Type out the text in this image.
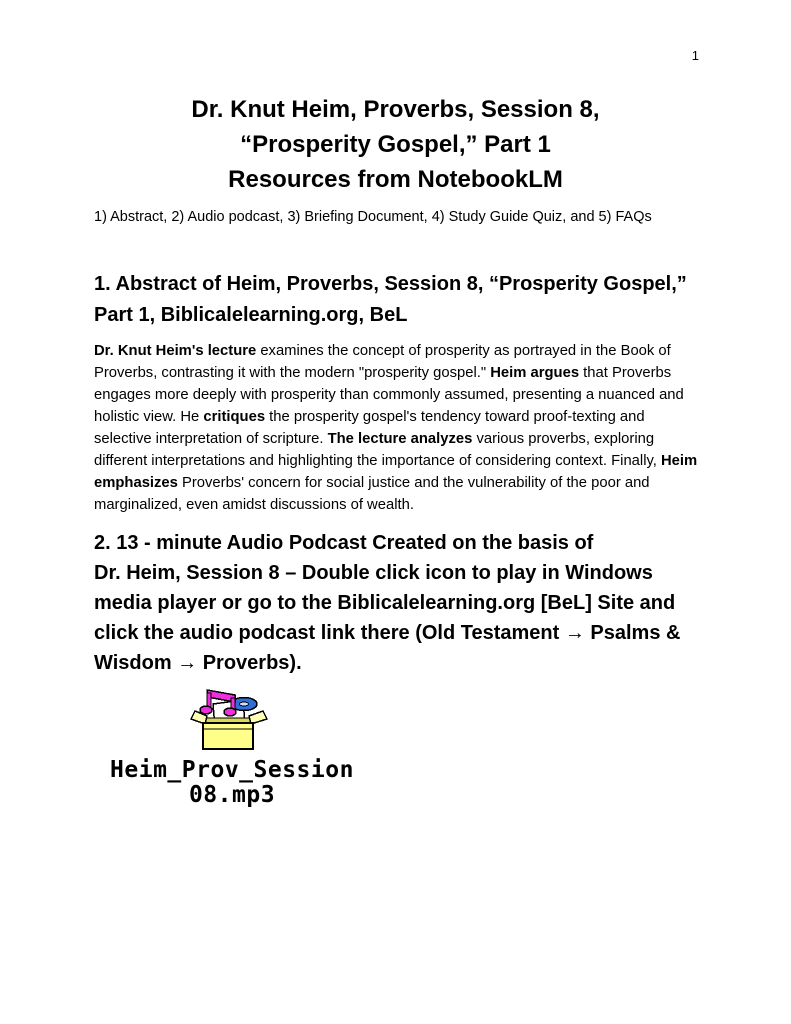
1
Dr. Knut Heim, Proverbs, Session 8,
“Prosperity Gospel,” Part 1
Resources from NotebookLM

1) Abstract, 2) Audio podcast, 3) Briefing Document, 4) Study Guide Quiz, and 5) FAQs

1. Abstract of Heim, Proverbs, Session 8, “Prosperity Gospel,”
Part 1, Biblicalelearning.org, BeL

Dr. Knut Heim's lecture examines the concept of prosperity as portrayed in the Book of Proverbs, contrasting it with the modern "prosperity gospel." Heim argues that Proverbs engages more deeply with prosperity than commonly assumed, presenting a nuanced and holistic view. He critiques the prosperity gospel's tendency toward proof-texting and selective interpretation of scripture. The lecture analyzes various proverbs, exploring different interpretations and highlighting the importance of considering context. Finally, Heim emphasizes Proverbs' concern for social justice and the vulnerability of the poor and marginalized, even amidst discussions of wealth.

2. 13 - minute Audio Podcast Created on the basis of
Dr. Heim, Session 8 – Double click icon to play in Windows
media player or go to the Biblicalelearning.org [BeL] Site and
click the audio podcast link there (Old Testament → Psalms &
Wisdom → Proverbs).
Heim_Prov_Session
08.mp3
